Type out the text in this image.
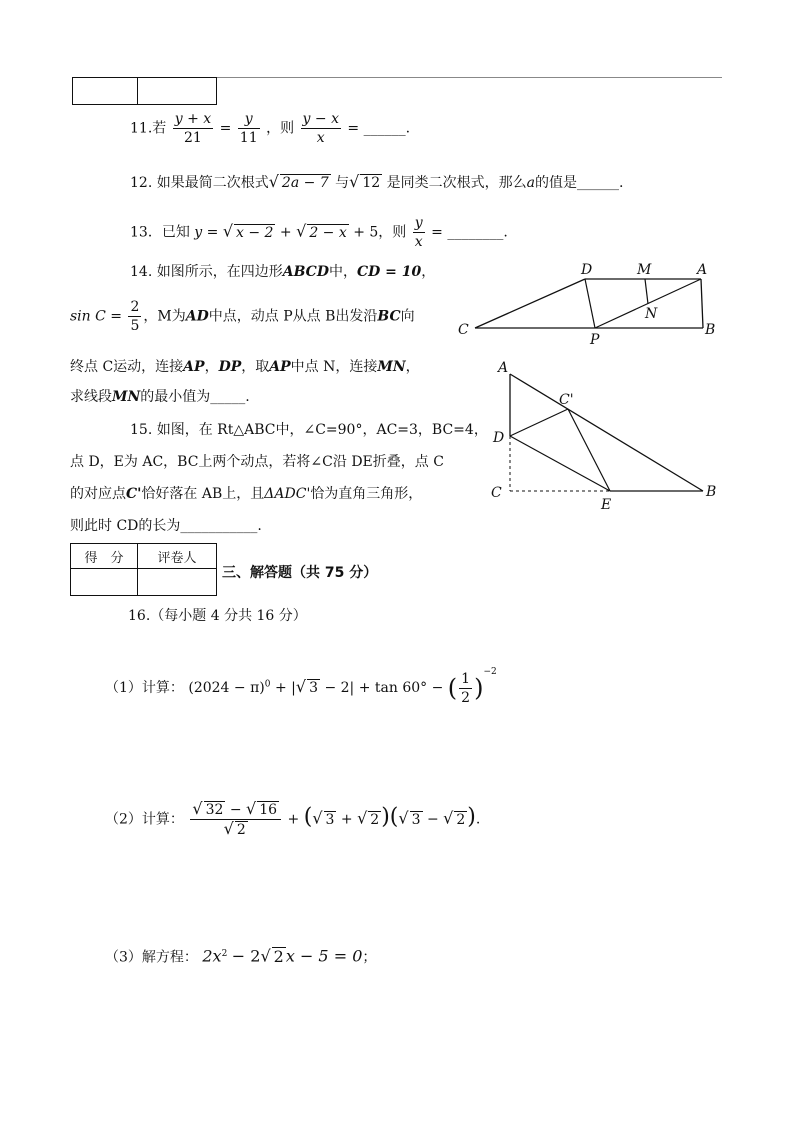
11.若 $\frac{y + x}{21} = \frac{y}{11}$ ，则 $\frac{y - x}{x}$ = ______.
12. 如果最简二次根式√ 2a − 7 与√ 12 是同类二次根式，那么a的值是______.
13．已知 y = √ x − 2 + √ 2 − x + 5，则 $\frac{y}{x}$ = ________.
14. 如图所示，在四边形ABCD中，CD = 10，
$\sin C = \frac{2}{5}$ ，M为AD中点，动点 P从点 B出发沿BC向
终点 C运动，连接AP，DP，取AP中点 N，连接MN，
求线段MN的最小值为_____.
D	M	A
N
C
P
B
15. 如图，在 Rt△ABC中，∠C=90°，AC=3，BC=4，
点 D，E为 AC，BC上两个动点，若将∠C沿 DE折叠，点 C
的对应点C'恰好落在 AB上，且ΔADC'恰为直角三角形，
则此时 CD的长为___________.
A
C'
D
C
E
B
得　分	评卷人

三、解答题（共 75 分）
16.（每小题 4 分共 16 分）
（1）计算： $(2024 - \pi)^0$ + |√ 3 − 2| + tan 60° − ( $\frac{1}{2} )^{-2}$
（2）计算： $\frac{√ 32 - √ 16}{√ 2}$ + (√ 3 + √ 2)(√ 3 − √ 2).
（3）解方程： $2x^2 - 2√$ 2 x − 5 = 0；
